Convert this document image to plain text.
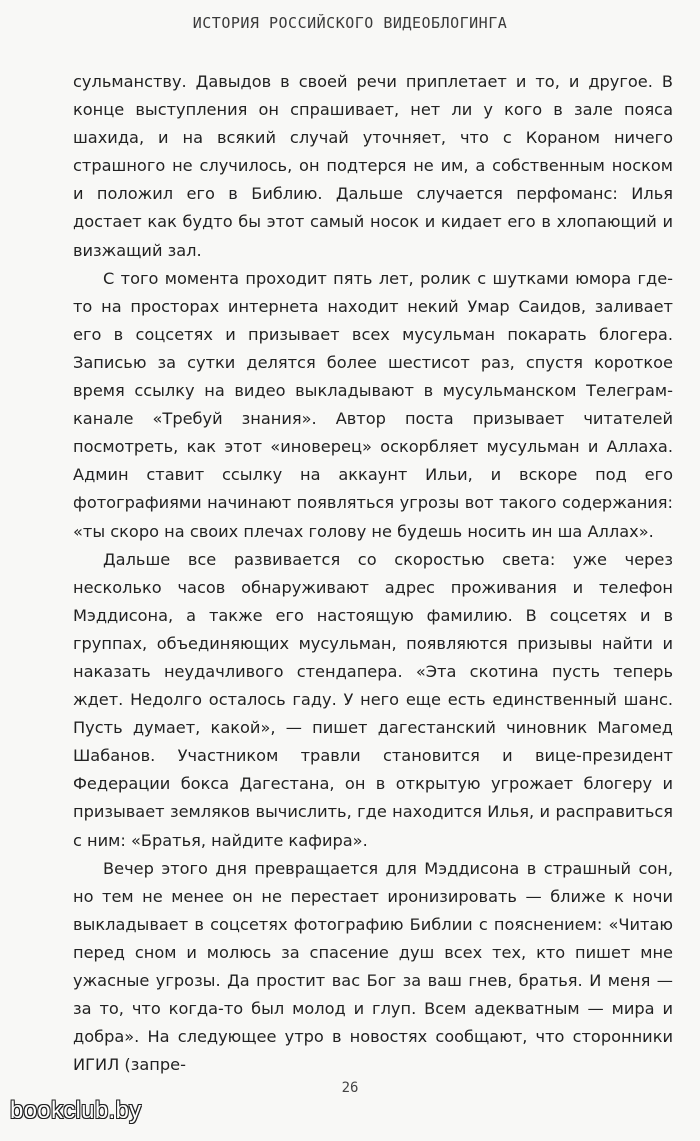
ИСТОРИЯ РОССИЙСКОГО ВИДЕОБЛОГИНГА

сульманству. Давыдов в своей речи приплетает и то, и другое. В конце выступления он спрашивает, нет ли у кого в зале пояса шахида, и на всякий случай уточняет, что с Кораном ничего страшного не случилось, он подтерся не им, а собственным носком и положил его в Библию. Дальше случается перфоманс: Илья достает как будто бы этот самый носок и кидает его в хлопающий и визжащий зал.

С того момента проходит пять лет, ролик с шутками юмора где-то на просторах интернета находит некий Умар Саидов, заливает его в соцсетях и призывает всех мусульман покарать блогера. Записью за сутки делятся более шестисот раз, спустя короткое время ссылку на видео выкладывают в мусульманском Телеграм-канале «Требуй знания». Автор поста призывает читателей посмотреть, как этот «иноверец» оскорбляет мусульман и Аллаха. Админ ставит ссылку на аккаунт Ильи, и вскоре под его фотографиями начинают появляться угрозы вот такого содержания: «ты скоро на своих плечах голову не будешь носить ин ша Аллах».

Дальше все развивается со скоростью света: уже через несколько часов обнаруживают адрес проживания и телефон Мэддисона, а также его настоящую фамилию. В соцсетях и в группах, объединяющих мусульман, появляются призывы найти и наказать неудачливого стендапера. «Эта скотина пусть теперь ждет. Недолго осталось гаду. У него еще есть единственный шанс. Пусть думает, какой», — пишет дагестанский чиновник Магомед Шабанов. Участником травли становится и вице-президент Федерации бокса Дагестана, он в открытую угрожает блогеру и призывает земляков вычислить, где находится Илья, и расправиться с ним: «Братья, найдите кафира».

Вечер этого дня превращается для Мэддисона в страшный сон, но тем не менее он не перестает иронизировать — ближе к ночи выкладывает в соцсетях фотографию Библии с пояснением: «Читаю перед сном и молюсь за спасение душ всех тех, кто пишет мне ужасные угрозы. Да простит вас Бог за ваш гнев, братья. И меня — за то, что когда-то был молод и глуп. Всем адекватным — мира и добра». На следующее утро в новостях сообщают, что сторонники ИГИЛ (запре-

26
bookclub.by
